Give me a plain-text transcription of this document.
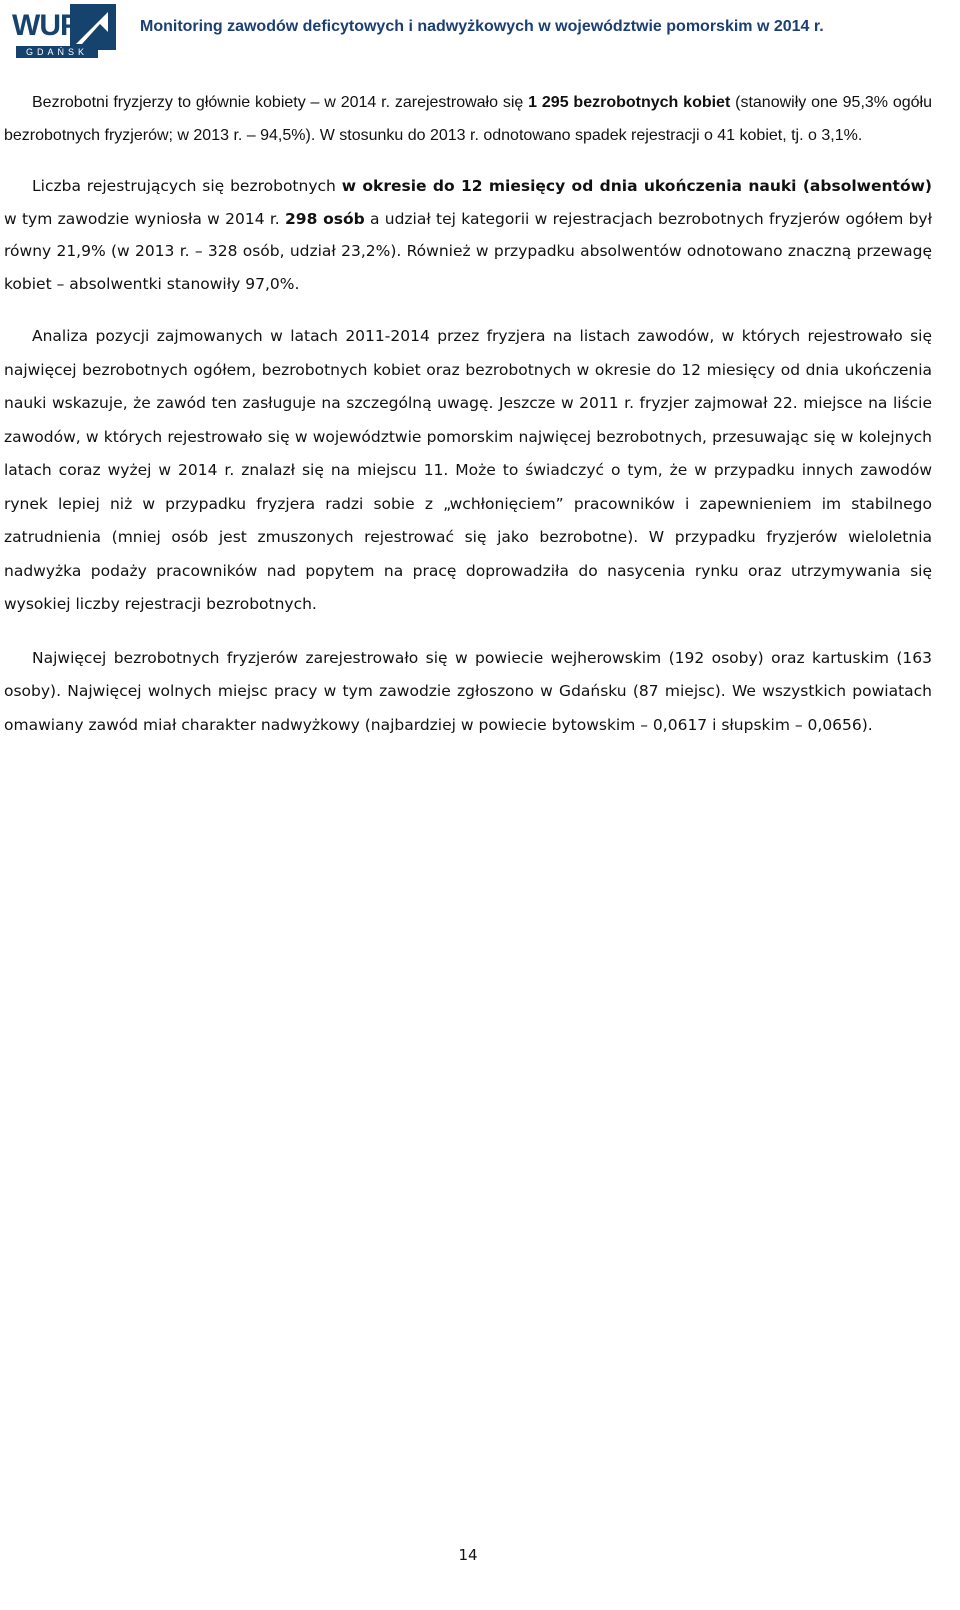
WUP
GDAŃSK
Monitoring zawodów deficytowych i nadwyżkowych w województwie pomorskim w 2014 r.

Bezrobotni fryzjerzy to głównie kobiety – w 2014 r. zarejestrowało się 1 295 bezrobotnych kobiet (stanowiły one 95,3% ogółu bezrobotnych fryzjerów; w 2013 r. – 94,5%). W stosunku do 2013 r. odnotowano spadek rejestracji o 41 kobiet, tj. o 3,1%.

Liczba rejestrujących się bezrobotnych w okresie do 12 miesięcy od dnia ukończenia nauki (absolwentów) w tym zawodzie wyniosła w 2014 r. 298 osób a udział tej kategorii w rejestracjach bezrobotnych fryzjerów ogółem był równy 21,9% (w 2013 r. – 328 osób, udział 23,2%). Również w przypadku absolwentów odnotowano znaczną przewagę kobiet – absolwentki stanowiły 97,0%.

Analiza pozycji zajmowanych w latach 2011-2014 przez fryzjera na listach zawodów, w których rejestrowało się najwięcej bezrobotnych ogółem, bezrobotnych kobiet oraz bezrobotnych w okresie do 12 miesięcy od dnia ukończenia nauki wskazuje, że zawód ten zasługuje na szczególną uwagę. Jeszcze w 2011 r. fryzjer zajmował 22. miejsce na liście zawodów, w których rejestrowało się w województwie pomorskim najwięcej bezrobotnych, przesuwając się w kolejnych latach coraz wyżej w 2014 r. znalazł się na miejscu 11. Może to świadczyć o tym, że w przypadku innych zawodów rynek lepiej niż w przypadku fryzjera radzi sobie z „wchłonięciem” pracowników i zapewnieniem im stabilnego zatrudnienia (mniej osób jest zmuszonych rejestrować się jako bezrobotne). W przypadku fryzjerów wieloletnia nadwyżka podaży pracowników nad popytem na pracę doprowadziła do nasycenia rynku oraz utrzymywania się wysokiej liczby rejestracji bezrobotnych.

Najwięcej bezrobotnych fryzjerów zarejestrowało się w powiecie wejherowskim (192 osoby) oraz kartuskim (163 osoby). Najwięcej wolnych miejsc pracy w tym zawodzie zgłoszono w Gdańsku (87 miejsc). We wszystkich powiatach omawiany zawód miał charakter nadwyżkowy (najbardziej w powiecie bytowskim – 0,0617 i słupskim – 0,0656).

14
